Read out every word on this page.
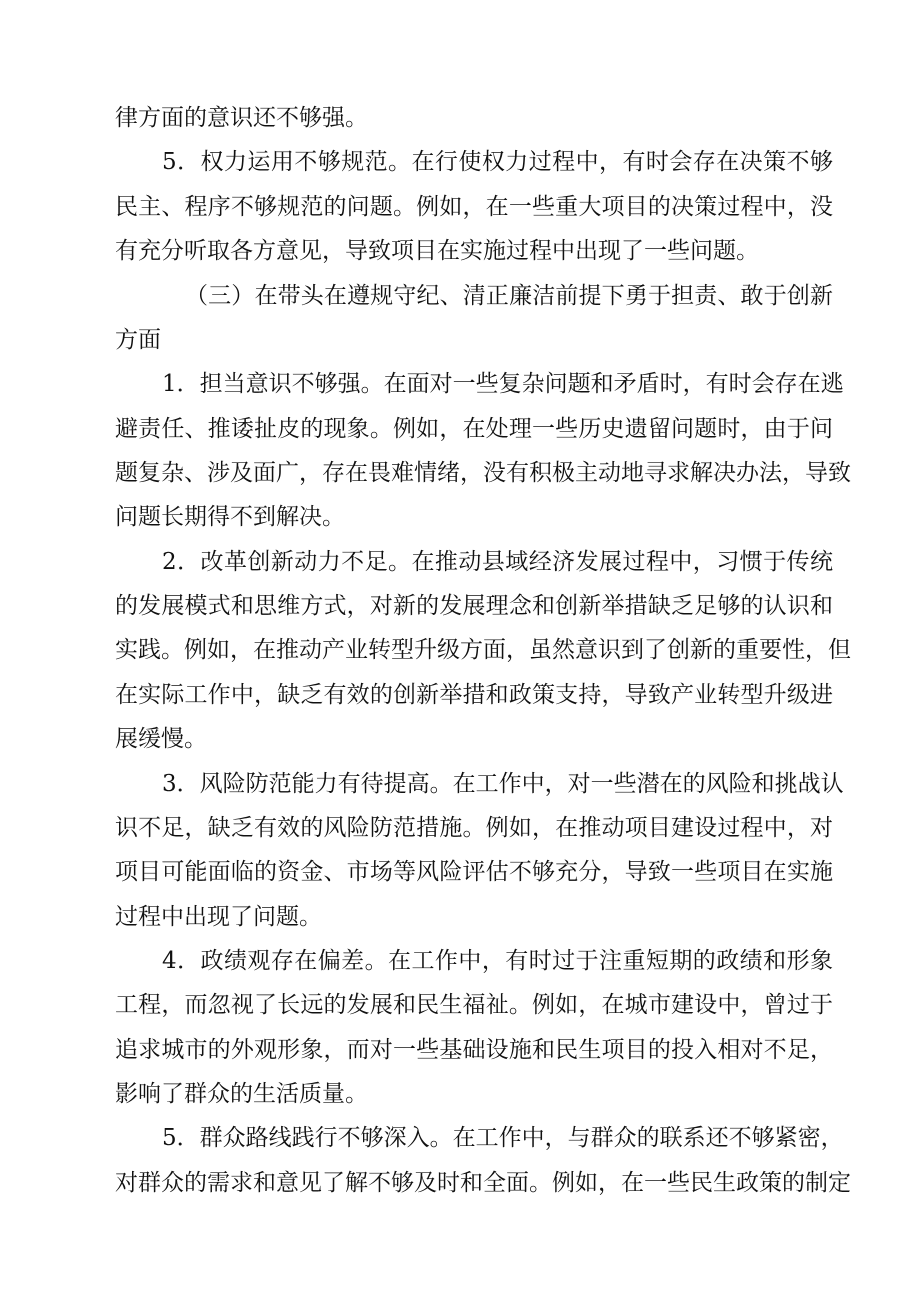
律方面的意识还不够强。
5．权力运用不够规范。在行使权力过程中，有时会存在决策不够
民主、程序不够规范的问题。例如，在一些重大项目的决策过程中，没
有充分听取各方意见，导致项目在实施过程中出现了一些问题。
（三）在带头在遵规守纪、清正廉洁前提下勇于担责、敢于创新
方面
1．担当意识不够强。在面对一些复杂问题和矛盾时，有时会存在逃
避责任、推诿扯皮的现象。例如，在处理一些历史遗留问题时，由于问
题复杂、涉及面广，存在畏难情绪，没有积极主动地寻求解决办法，导致
问题长期得不到解决。
2．改革创新动力不足。在推动县域经济发展过程中，习惯于传统
的发展模式和思维方式，对新的发展理念和创新举措缺乏足够的认识和
实践。例如，在推动产业转型升级方面，虽然意识到了创新的重要性，但
在实际工作中，缺乏有效的创新举措和政策支持，导致产业转型升级进
展缓慢。
3．风险防范能力有待提高。在工作中，对一些潜在的风险和挑战认
识不足，缺乏有效的风险防范措施。例如，在推动项目建设过程中，对
项目可能面临的资金、市场等风险评估不够充分，导致一些项目在实施
过程中出现了问题。
4．政绩观存在偏差。在工作中，有时过于注重短期的政绩和形象
工程，而忽视了长远的发展和民生福祉。例如，在城市建设中，曾过于
追求城市的外观形象，而对一些基础设施和民生项目的投入相对不足，
影响了群众的生活质量。
5．群众路线践行不够深入。在工作中，与群众的联系还不够紧密，
对群众的需求和意见了解不够及时和全面。例如，在一些民生政策的制定
